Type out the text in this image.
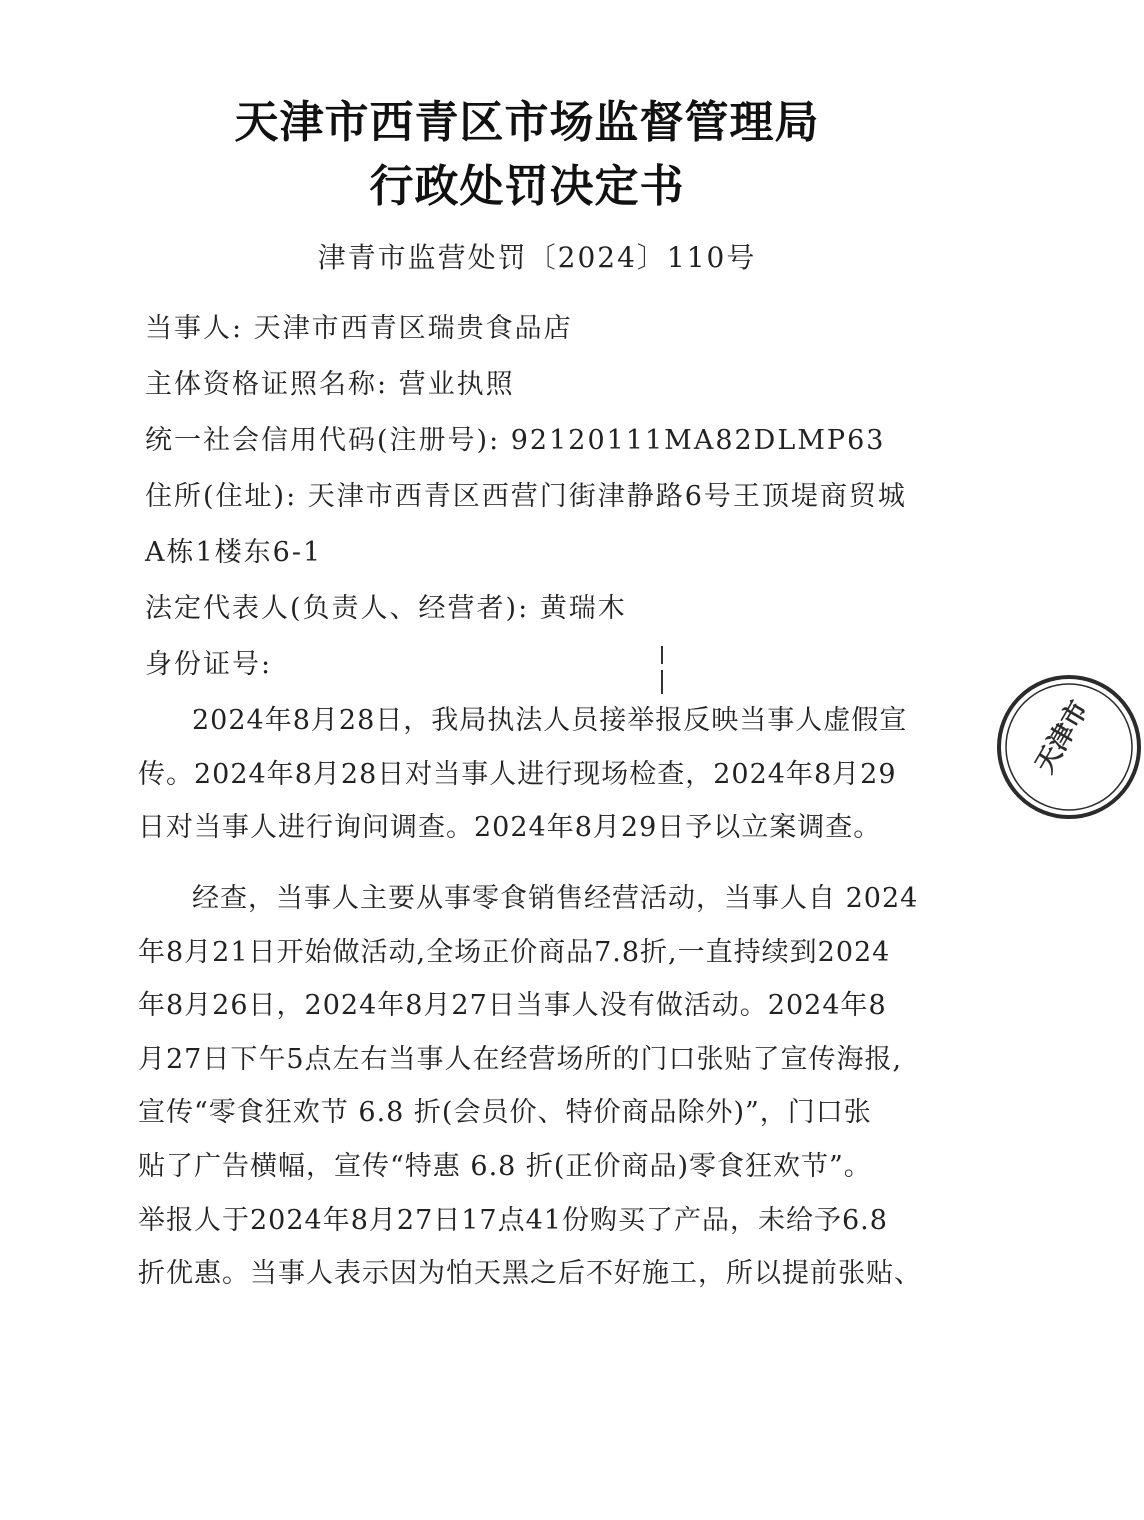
天津市西青区市场监督管理局
行政处罚决定书
津青市监营处罚〔2024〕110号
当事人: 天津市西青区瑞贵食品店
主体资格证照名称: 营业执照
统一社会信用代码(注册号): 92120111MA82DLMP63
住所(住址): 天津市西青区西营门街津静路6号王顶堤商贸城
A栋1楼东6-1
法定代表人(负责人、经营者): 黄瑞木
身份证号:
2024年8月28日，我局执法人员接举报反映当事人虚假宣
传。2024年8月28日对当事人进行现场检查，2024年8月29
日对当事人进行询问调查。2024年8月29日予以立案调查。
经查，当事人主要从事零食销售经营活动，当事人自 2024
年8月21日开始做活动,全场正价商品7.8折,一直持续到2024
年8月26日，2024年8月27日当事人没有做活动。2024年8
月27日下午5点左右当事人在经营场所的门口张贴了宣传海报,
宣传“零食狂欢节 6.8 折(会员价、特价商品除外)”，门口张
贴了广告横幅，宣传“特惠 6.8 折(正价商品)零食狂欢节”。
举报人于2024年8月27日17点41份购买了产品，未给予6.8
折优惠。当事人表示因为怕天黑之后不好施工，所以提前张贴、
天津市
